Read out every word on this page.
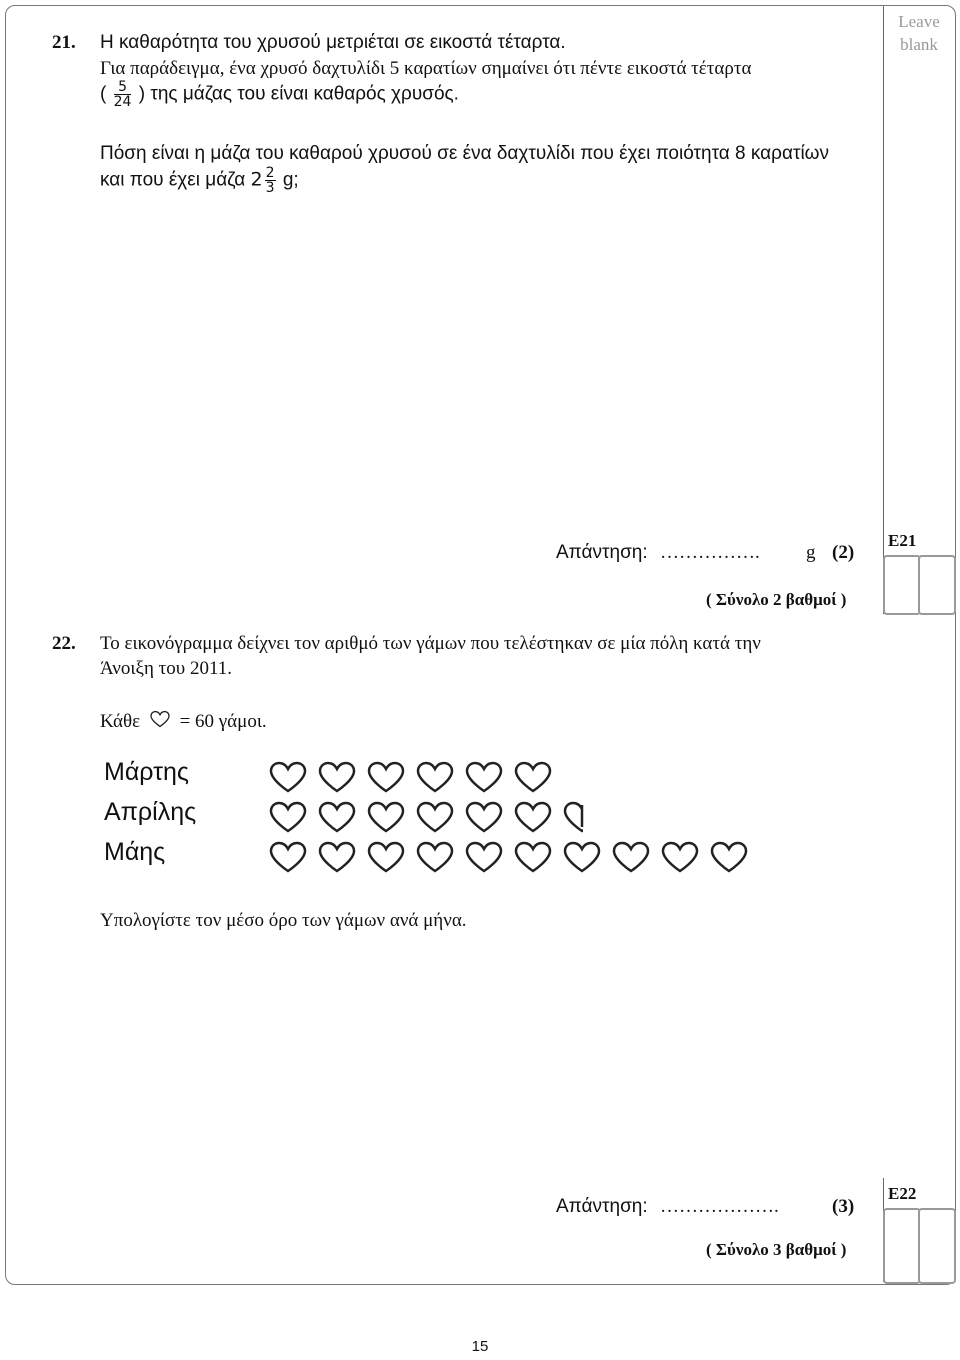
Leave
blank
21. Η καθαρότητα του χρυσού μετριέται σε εικοστά τέταρτα.
Για παράδειγμα, ένα χρυσό δαχτυλίδι 5 καρατίων σημαίνει ότι πέντε εικοστά τέταρτα
( $\frac{5}{24}$ ) της μάζας του είναι καθαρός χρυσός.
Πόση είναι η μάζα του καθαρού χρυσού σε ένα δαχτυλίδι που έχει ποιότητα 8 καρατίων
και που έχει μάζα $2 \frac{2}{3} g$;
Απάντηση: ……………. g (2)
( Σύνολο 2 βαθμοί )
E21
22. Το εικονόγραμμα δείχνει τον αριθμό των γάμων που τελέστηκαν σε μία πόλη κατά την
Άνοιξη του 2011.
Κάθε = 60 γάμοι.
Μάρτης
Απρίλης
Μάης
Υπολογίστε τον μέσο όρο των γάμων ανά μήνα.
Απάντηση: ……………….	(3)
( Σύνολο 3 βαθμοί )
E22
15
